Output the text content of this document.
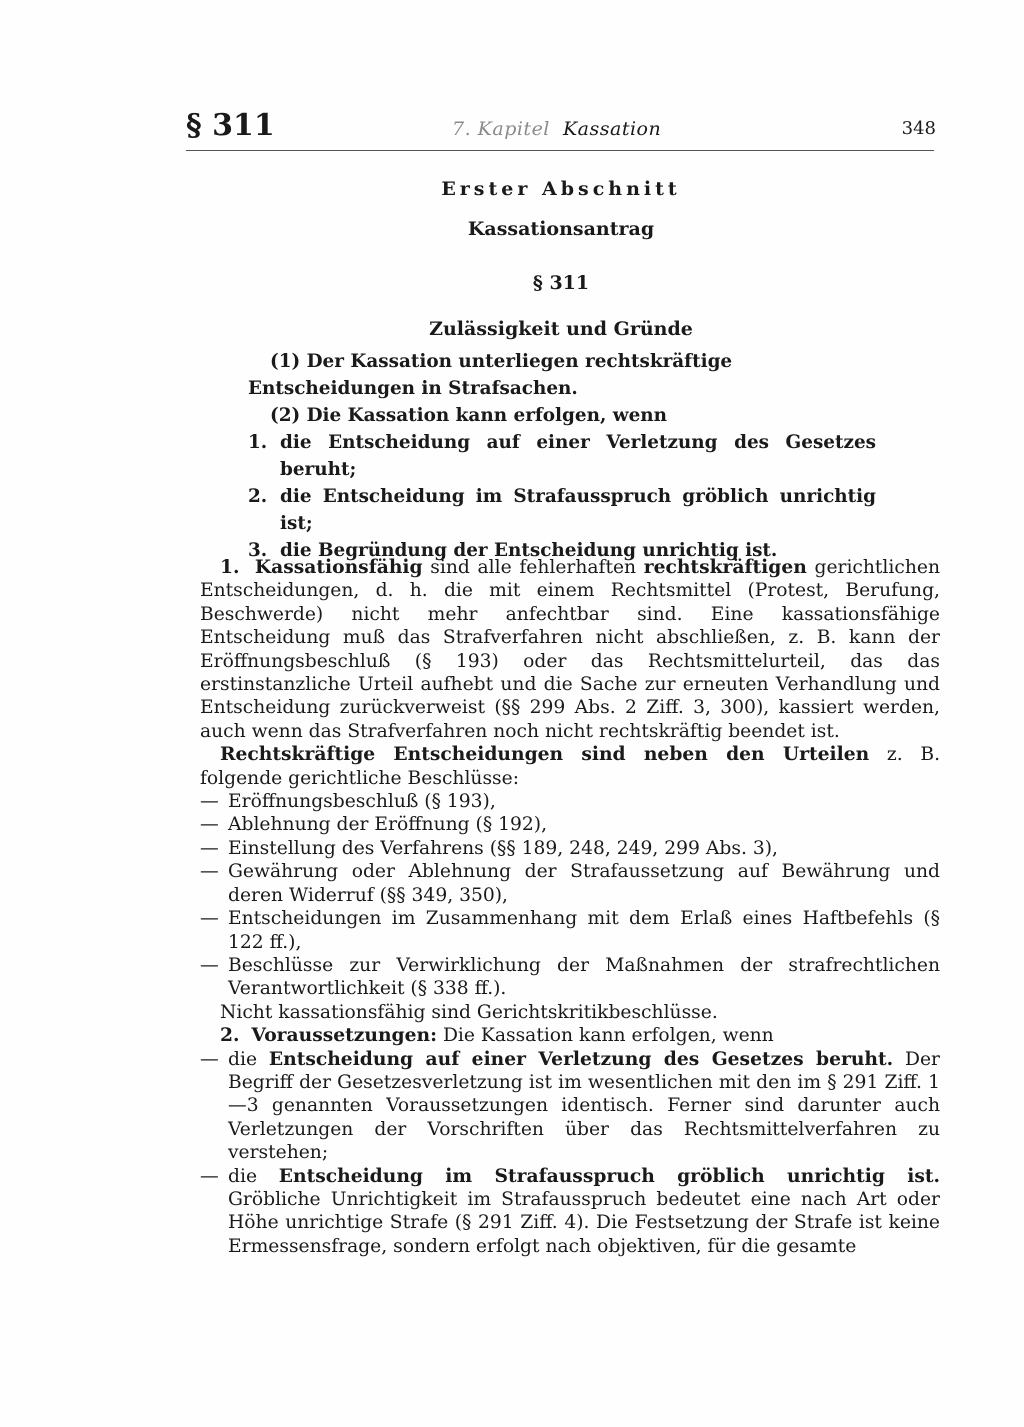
§ 311	7. Kapitel Kassation	348
Erster Abschnitt
Kassationsantrag
§ 311
Zulässigkeit und Gründe

(1) Der Kassation unterliegen rechtskräftige Entscheidungen in Strafsachen.

(2) Die Kassation kann erfolgen, wenn

1. die Entscheidung auf einer Verletzung des Gesetzes beruht;
2. die Entscheidung im Strafausspruch gröblich unrichtig ist;
3. die Begründung der Entscheidung unrichtig ist.

1. Kassationsfähig sind alle fehlerhaften rechtskräftigen gerichtlichen Entscheidungen, d. h. die mit einem Rechtsmittel (Protest, Berufung, Beschwerde) nicht mehr anfechtbar sind. Eine kassationsfähige Entscheidung muß das Strafverfahren nicht abschließen, z. B. kann der Eröffnungsbeschluß (§ 193) oder das Rechtsmittelurteil, das das erstinstanzliche Urteil aufhebt und die Sache zur erneuten Verhandlung und Entscheidung zurückverweist (§§ 299 Abs. 2 Ziff. 3, 300), kassiert werden, auch wenn das Strafverfahren noch nicht rechtskräftig beendet ist.

Rechtskräftige Entscheidungen sind neben den Urteilen z. B. folgende gerichtliche Beschlüsse:

— Eröffnungsbeschluß (§ 193),
— Ablehnung der Eröffnung (§ 192),
— Einstellung des Verfahrens (§§ 189, 248, 249, 299 Abs. 3),
— Gewährung oder Ablehnung der Strafaussetzung auf Bewährung und deren Widerruf (§§ 349, 350),
— Entscheidungen im Zusammenhang mit dem Erlaß eines Haftbefehls (§ 122 ff.),
— Beschlüsse zur Verwirklichung der Maßnahmen der strafrechtlichen Verantwortlichkeit (§ 338 ff.).

Nicht kassationsfähig sind Gerichtskritikbeschlüsse.

2. Voraussetzungen: Die Kassation kann erfolgen, wenn

— die Entscheidung auf einer Verletzung des Gesetzes beruht. Der Begriff der Gesetzesverletzung ist im wesentlichen mit den im § 291 Ziff. 1—3 genannten Voraussetzungen identisch. Ferner sind darunter auch Verletzungen der Vorschriften über das Rechtsmittelverfahren zu verstehen;
— die Entscheidung im Strafausspruch gröblich unrichtig ist. Gröbliche Unrichtigkeit im Strafausspruch bedeutet eine nach Art oder Höhe unrichtige Strafe (§ 291 Ziff. 4). Die Festsetzung der Strafe ist keine Ermessensfrage, sondern erfolgt nach objektiven, für die gesamte
